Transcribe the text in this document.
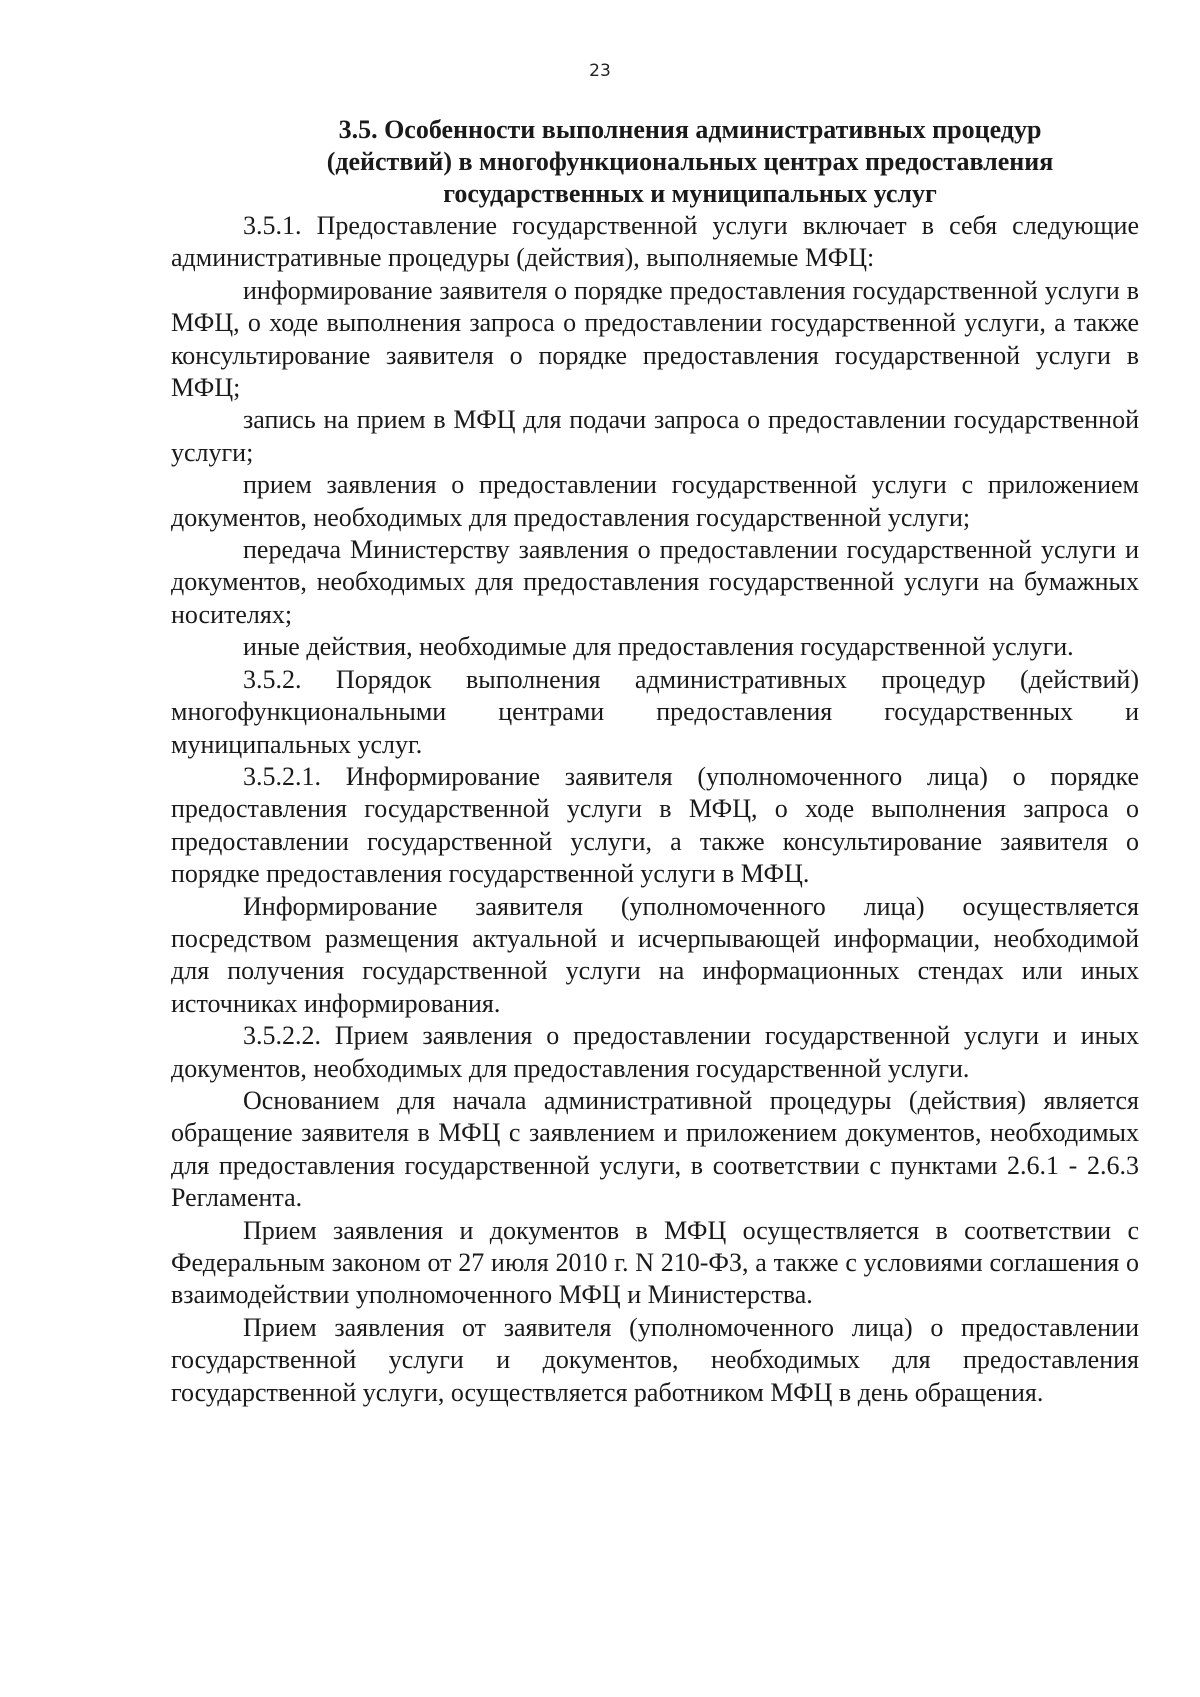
23
3.5. Особенности выполнения административных процедур
(действий) в многофункциональных центрах предоставления
государственных и муниципальных услуг

3.5.1. Предоставление государственной услуги включает в себя следующие административные процедуры (действия), выполняемые МФЦ:

информирование заявителя о порядке предоставления государственной услуги в МФЦ, о ходе выполнения запроса о предоставлении государственной услуги, а также консультирование заявителя о порядке предоставления государственной услуги в МФЦ;

запись на прием в МФЦ для подачи запроса о предоставлении государственной услуги;

прием заявления о предоставлении государственной услуги с приложением документов, необходимых для предоставления государственной услуги;

передача Министерству заявления о предоставлении государственной услуги и документов, необходимых для предоставления государственной услуги на бумажных носителях;

иные действия, необходимые для предоставления государственной услуги.

3.5.2. Порядок выполнения административных процедур (действий) многофункциональными центрами предоставления государственных и муниципальных услуг.

3.5.2.1. Информирование заявителя (уполномоченного лица) о порядке предоставления государственной услуги в МФЦ, о ходе выполнения запроса о предоставлении государственной услуги, а также консультирование заявителя о порядке предоставления государственной услуги в МФЦ.

Информирование заявителя (уполномоченного лица) осуществляется посредством размещения актуальной и исчерпывающей информации, необходимой для получения государственной услуги на информационных стендах или иных источниках информирования.

3.5.2.2. Прием заявления о предоставлении государственной услуги и иных документов, необходимых для предоставления государственной услуги.

Основанием для начала административной процедуры (действия) является обращение заявителя в МФЦ с заявлением и приложением документов, необходимых для предоставления государственной услуги, в соответствии с пунктами 2.6.1 - 2.6.3 Регламента.

Прием заявления и документов в МФЦ осуществляется в соответствии с Федеральным законом от 27 июля 2010 г. N 210-ФЗ, а также с условиями соглашения о взаимодействии уполномоченного МФЦ и Министерства.

Прием заявления от заявителя (уполномоченного лица) о предоставлении государственной услуги и документов, необходимых для предоставления государственной услуги, осуществляется работником МФЦ в день обращения.
